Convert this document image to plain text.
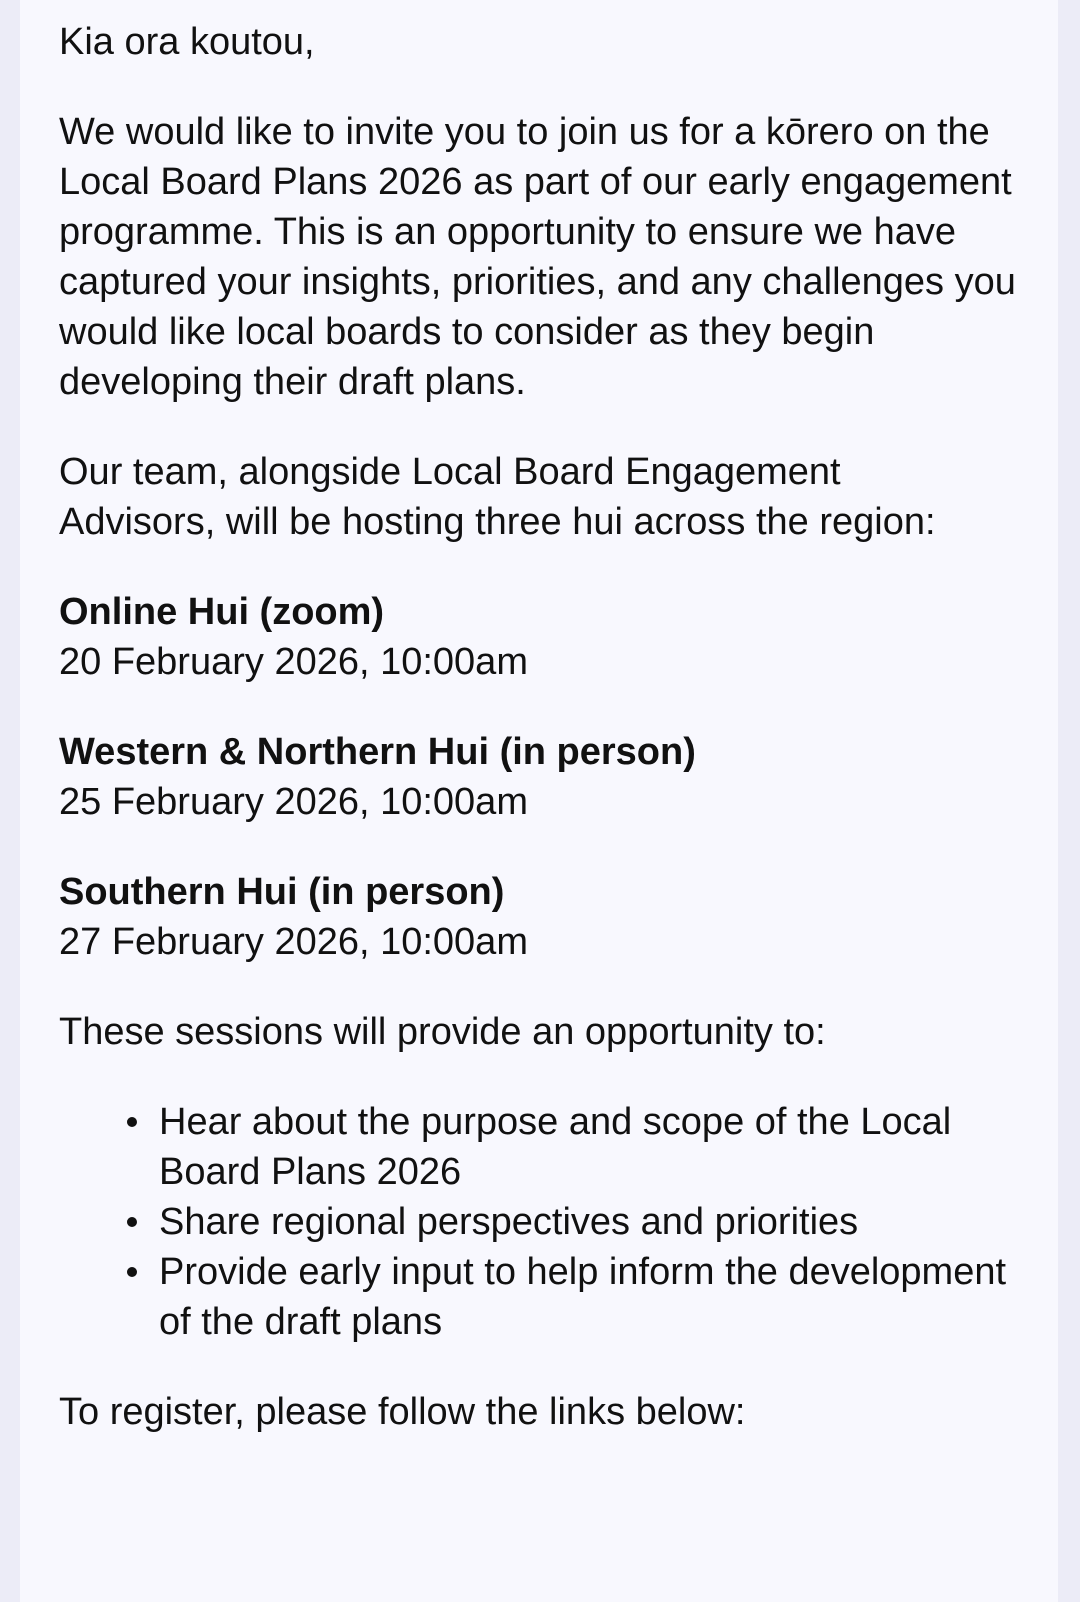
Kia ora koutou,

We would like to invite you to join us for a kōrero on the Local Board Plans 2026 as part of our early engagement programme. This is an opportunity to ensure we have captured your insights, priorities, and any challenges you would like local boards to consider as they begin developing their draft plans.

Our team, alongside Local Board Engagement Advisors, will be hosting three hui across the region:

Online Hui (zoom)
20 February 2026, 10:00am

Western & Northern Hui (in person)
25 February 2026, 10:00am

Southern Hui (in person)
27 February 2026, 10:00am

These sessions will provide an opportunity to:

Hear about the purpose and scope of the Local Board Plans 2026
Share regional perspectives and priorities
Provide early input to help inform the development of the draft plans

To register, please follow the links below:
